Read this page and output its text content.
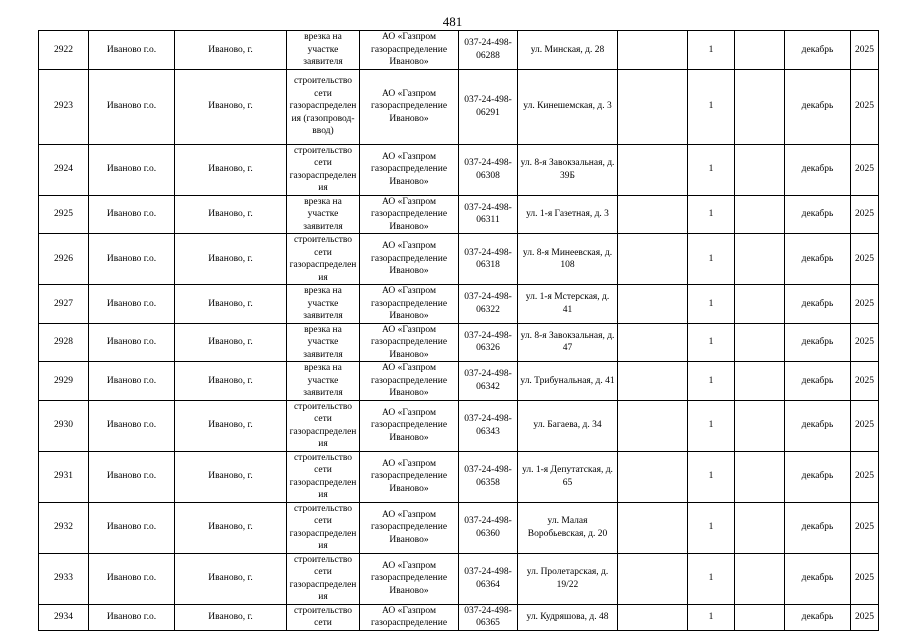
481
2922	Иваново г.о.	Иваново, г.	врезка на участке заявителя	АО «Газпром газораспределение Иваново»	037-24-498-06288	ул. Минская, д. 28		1		декабрь	2025
2923	Иваново г.о.	Иваново, г.	строительство сети газораспределения (газопровод-ввод)	АО «Газпром газораспределение Иваново»	037-24-498-06291	ул. Кинешемская, д. 3		1		декабрь	2025
2924	Иваново г.о.	Иваново, г.	строительство сети газораспределения	АО «Газпром газораспределение Иваново»	037-24-498-06308	ул. 8-я Завокзальная, д. 39Б		1		декабрь	2025
2925	Иваново г.о.	Иваново, г.	врезка на участке заявителя	АО «Газпром газораспределение Иваново»	037-24-498-06311	ул. 1-я Газетная, д. 3		1		декабрь	2025
2926	Иваново г.о.	Иваново, г.	строительство сети газораспределения	АО «Газпром газораспределение Иваново»	037-24-498-06318	ул. 8-я Минеевская, д. 108		1		декабрь	2025
2927	Иваново г.о.	Иваново, г.	врезка на участке заявителя	АО «Газпром газораспределение Иваново»	037-24-498-06322	ул. 1-я Мстерская, д. 41		1		декабрь	2025
2928	Иваново г.о.	Иваново, г.	врезка на участке заявителя	АО «Газпром газораспределение Иваново»	037-24-498-06326	ул. 8-я Завокзальная, д. 47		1		декабрь	2025
2929	Иваново г.о.	Иваново, г.	врезка на участке заявителя	АО «Газпром газораспределение Иваново»	037-24-498-06342	ул. Трибунальная, д. 41		1		декабрь	2025
2930	Иваново г.о.	Иваново, г.	строительство сети газораспределения	АО «Газпром газораспределение Иваново»	037-24-498-06343	ул. Багаева, д. 34		1		декабрь	2025
2931	Иваново г.о.	Иваново, г.	строительство сети газораспределения	АО «Газпром газораспределение Иваново»	037-24-498-06358	ул. 1-я Депутатская, д. 65		1		декабрь	2025
2932	Иваново г.о.	Иваново, г.	строительство сети газораспределения	АО «Газпром газораспределение Иваново»	037-24-498-06360	ул. Малая Воробьевская, д. 20		1		декабрь	2025
2933	Иваново г.о.	Иваново, г.	строительство сети газораспределения	АО «Газпром газораспределение Иваново»	037-24-498-06364	ул. Пролетарская, д. 19/22		1		декабрь	2025
2934	Иваново г.о.	Иваново, г.	строительство сети	АО «Газпром газораспределение	037-24-498-06365	ул. Кудряшова, д. 48		1		декабрь	2025
